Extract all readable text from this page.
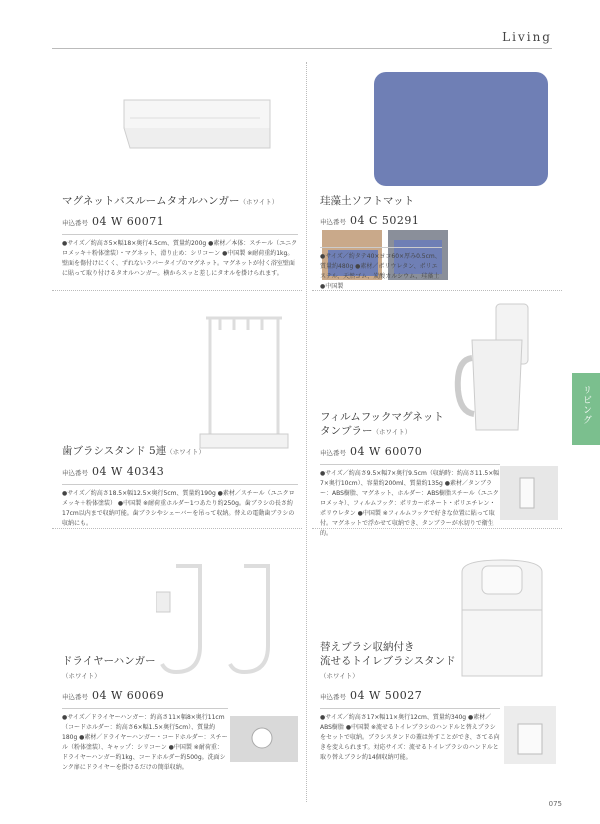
Living
リビング
マグネットバスルームタオルハンガー（ホワイト）
申込番号 04 W 60071
●サイズ／約高さ5×幅18×奥行4.5cm、質量約200g ●素材／本体：スチール（ユニクロメッキ＋粉体塗装）・マグネット、滑り止め：シリコーン ●中国製 ※耐荷重約1kg。壁面を傷付けにくく、ずれないラバータイプのマグネット。マグネットが付く浴室壁面に貼って取り付けるタオルハンガー。横からスッと差しにタオルを掛けられます。
珪藻土ソフトマット
申込番号 04 C 50291
●サイズ／約タテ40×ヨコ60×厚み0.5cm、質量約480g ●素材／ポリウレタン、ポリエステル、天然ゴム、炭酸カルシウム、珪藻土 ●中国製
歯ブラシスタンド 5連（ホワイト）
申込番号 04 W 40343
●サイズ／約高さ18.5×幅12.5×奥行5cm、質量約190g ●素材／スチール（ユニクロメッキ＋粉体塗装） ●中国製 ※耐荷重ホルダー1つあたり約250g。歯ブラシの長さ約17cm以内まで収納可能。歯ブラシやシェーバーを吊って収納。替えの電動歯ブラシの収納にも。
フィルムフックマグネット
タンブラー（ホワイト）
申込番号 04 W 60070
●サイズ／約高さ9.5×幅7×奥行9.5cm（収納時：約高さ11.5×幅7×奥行10cm）、容量約200ml、質量約135g ●素材／タンブラー：ABS樹脂、マグネット、ホルダー：ABS樹脂スチール（ユニクロメッキ）、フィルムフック：ポリカーボネート・ポリエチレン・ポリウレタン ●中国製 ※フィルムフックで好きな位置に貼って取付。マグネットで浮かせて収納でき、タンブラーが水切りで衛生的。
ドライヤーハンガー
（ホワイト）
申込番号 04 W 60069
●サイズ／ドライヤーハンガー：約高さ11×幅8×奥行11cm（コードホルダー：約高さ6×幅1.5×奥行5cm）、質量約180g ●素材／ドライヤーハンガー・コードホルダー：スチール（粉体塗装）、キャップ：シリコーン ●中国製 ※耐荷重：ドライヤーハンガー約1kg、コードホルダー約500g。洗面シンク扉にドライヤーを掛けるだけの簡単収納。
替えブラシ収納付き
流せるトイレブラシスタンド
（ホワイト）
申込番号 04 W 50027
●サイズ／約高さ17×幅11×奥行12cm、質量約340g ●素材／ABS樹脂 ●中国製 ※流せるトイレブラシのハンドルと替えブラシをセットで収納。ブラシスタンドの蓋は外すことができ、さてる向きを変えられます。対応サイズ：流せるトイレブラシのハンドルと取り替えブラシ約14個収納可能。
075
